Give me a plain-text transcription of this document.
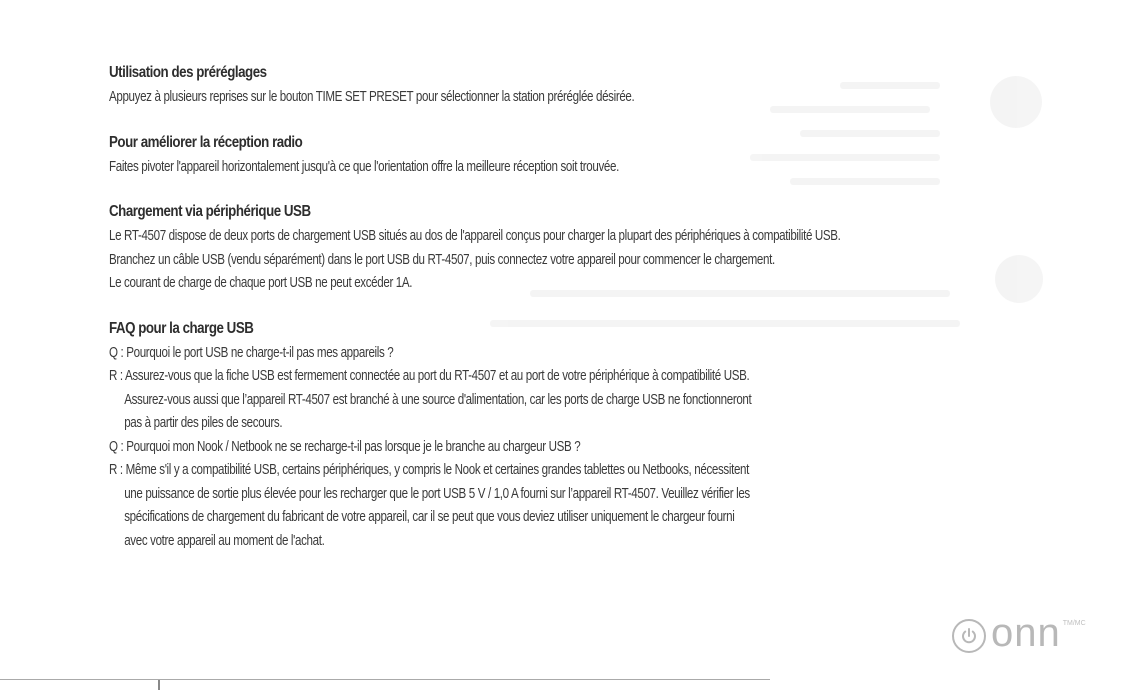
Utilisation des préréglages

Appuyez à plusieurs reprises sur le bouton TIME SET PRESET pour sélectionner la station préréglée désirée.

Pour améliorer la réception radio

Faites pivoter l'appareil horizontalement jusqu'à ce que l'orientation offre la meilleure réception soit trouvée.

Chargement via périphérique USB

Le RT-4507 dispose de deux ports de chargement USB situés au dos de l'appareil conçus pour charger la plupart des périphériques à compatibilité USB.

Branchez un câble USB (vendu séparément) dans le port USB du RT-4507, puis connectez votre appareil pour commencer le chargement.

Le courant de charge de chaque port USB ne peut excéder 1A.

FAQ pour la charge USB

Q : Pourquoi le port USB ne charge-t-il pas mes appareils ?

R : Assurez-vous que la fiche USB est fermement connectée au port du RT-4507 et au port de votre périphérique à compatibilité USB.

Assurez-vous aussi que l’appareil RT-4507 est branché à une source d'alimentation, car les ports de charge USB ne fonctionneront

pas à partir des piles de secours.

Q : Pourquoi mon Nook / Netbook ne se recharge-t-il pas lorsque je le branche au chargeur USB ?

R : Même s'il y a compatibilité USB, certains périphériques, y compris le Nook et certaines grandes tablettes ou Netbooks, nécessitent

une puissance de sortie plus élevée pour les recharger que le port USB 5 V / 1,0 A fourni sur l’appareil RT-4507. Veuillez vérifier les

spécifications de chargement du fabricant de votre appareil, car il se peut que vous deviez utiliser uniquement le chargeur fourni

avec votre appareil au moment de l'achat.

onn TM/MC
